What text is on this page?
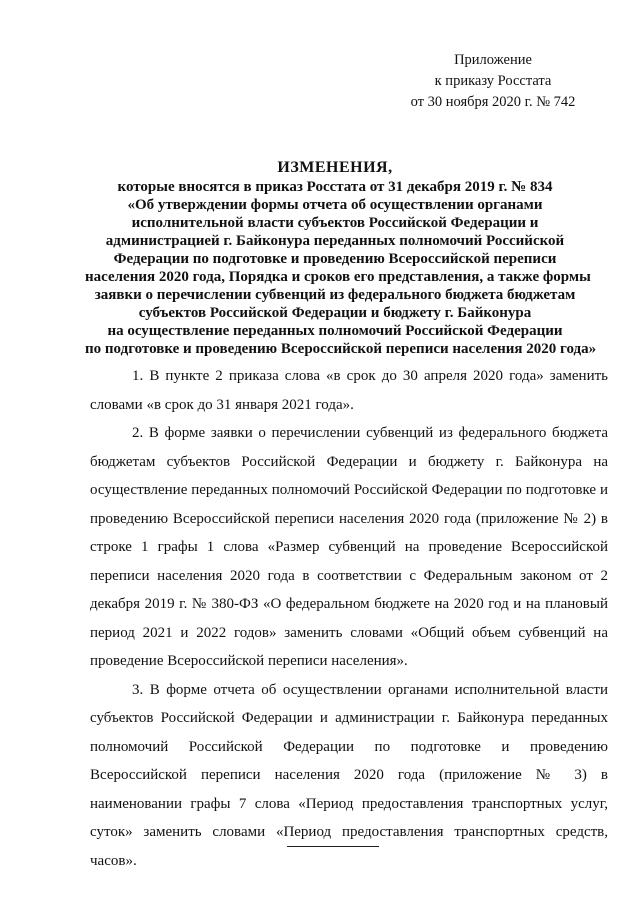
Приложение
к приказу Росстата
от 30 ноября 2020 г. № 742
ИЗМЕНЕНИЯ,
которые вносятся в приказ Росстата от 31 декабря 2019 г. № 834
«Об утверждении формы отчета об осуществлении органами
исполнительной власти субъектов Российской Федерации и
администрацией г. Байконура переданных полномочий Российской
Федерации по подготовке и проведению Всероссийской переписи
населения 2020 года, Порядка и сроков его представления, а также формы
заявки о перечислении субвенций из федерального бюджета бюджетам
субъектов Российской Федерации и бюджету г. Байконура
на осуществление переданных полномочий Российской Федерации
по подготовке и проведению Всероссийской переписи населения 2020 года»

1. В пункте 2 приказа слова «в срок до 30 апреля 2020 года» заменить словами «в срок до 31 января 2021 года».

2. В форме заявки о перечислении субвенций из федерального бюджета бюджетам субъектов Российской Федерации и бюджету г. Байконура на осуществление переданных полномочий Российской Федерации по подготовке и проведению Всероссийской переписи населения 2020 года (приложение № 2) в строке 1 графы 1 слова «Размер субвенций на проведение Всероссийской переписи населения 2020 года в соответствии с Федеральным законом от 2 декабря 2019 г. № 380-ФЗ «О федеральном бюджете на 2020 год и на плановый период 2021 и 2022 годов» заменить словами «Общий объем субвенций на проведение Всероссийской переписи населения».

3. В форме отчета об осуществлении органами исполнительной власти субъектов Российской Федерации и администрации г. Байконура переданных полномочий Российской Федерации по подготовке и проведению Всероссийской переписи населения 2020 года (приложение № 3) в наименовании графы 7 слова «Период предоставления транспортных услуг, суток» заменить словами «Период предоставления транспортных средств, часов».
